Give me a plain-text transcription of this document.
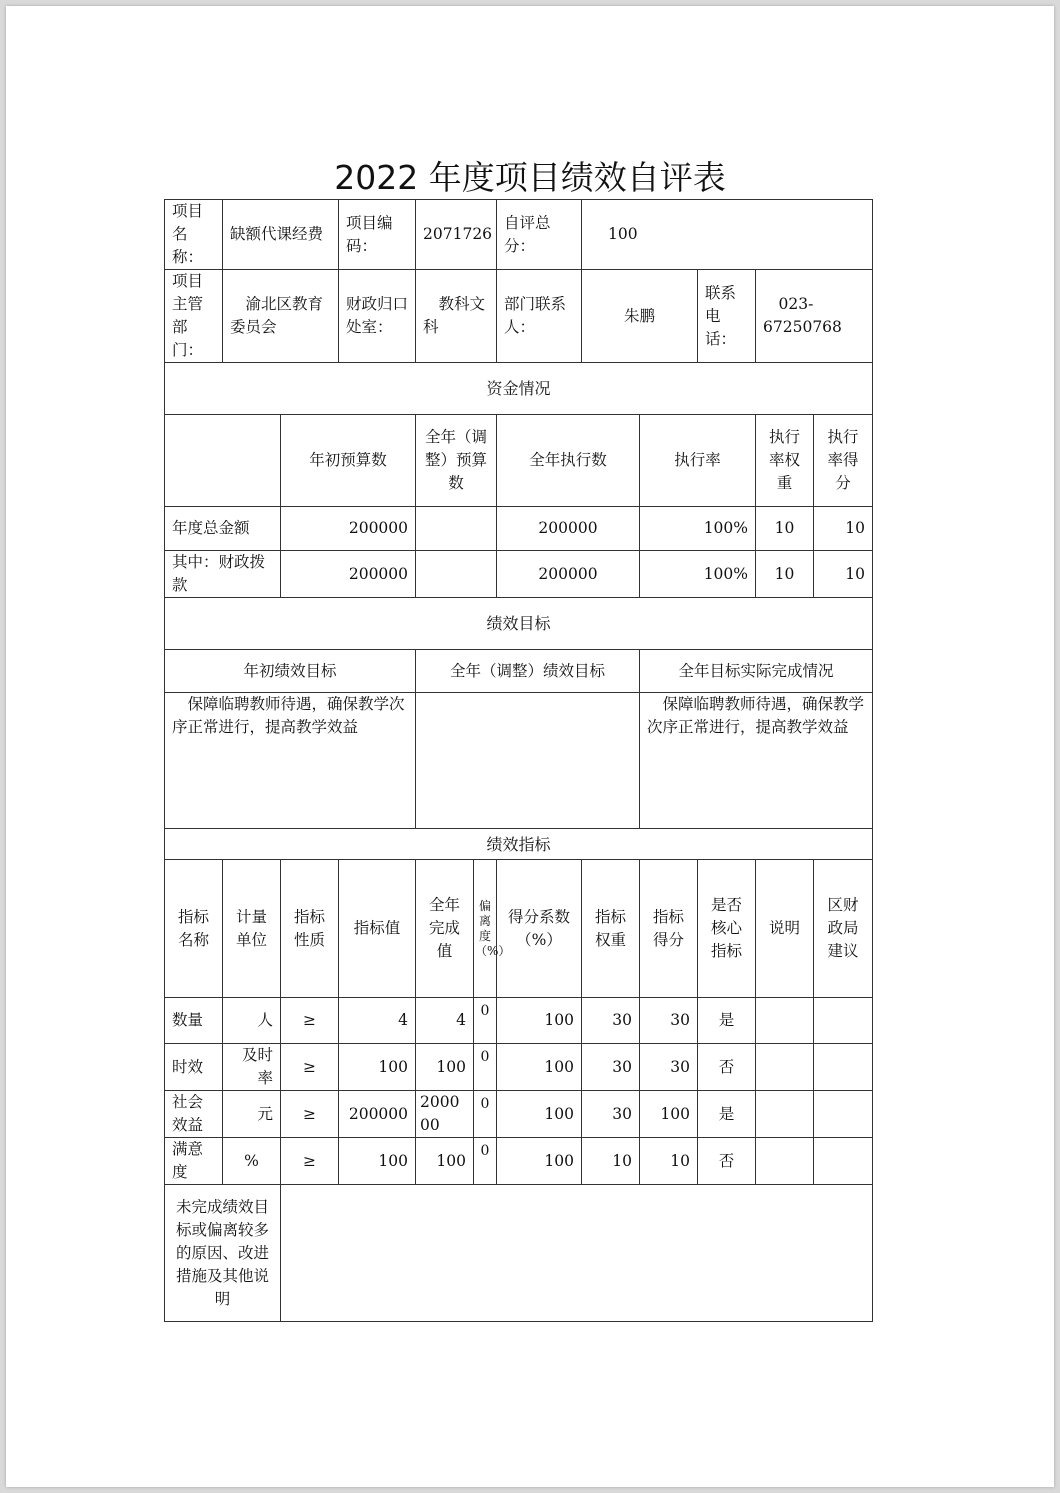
2022 年度项目绩效自评表
项目名称：	缺额代课经费		项目编码：	2071726		自评总分：	100				
项目主管部门：	渝北区教育委员会		财政归口处室：	教科文科		部门联系人：	朱鹏		联系电话：	023-67250768	
资金情况											
		年初预算数		全年（调整）预算数		全年执行数		执行率		执行率权重	执行率得分
年度总金额		200000				200000		100%		10	10
其中：财政拨款		200000				200000		100%		10	10
绩效目标											
年初绩效目标				全年（调整）绩效目标				全年目标实际完成情况			
保障临聘教师待遇，确保教学次序正常进行，提高教学效益								保障临聘教师待遇，确保教学次序正常进行，提高教学效益			
绩效指标											
指标名称	计量单位	指标性质	指标值	全年完成值	偏离度（%）	得分系数（%）	指标权重	指标得分	是否核心指标	说明	区财政局建议
数量	人	≥	4	4	0	100	30	30	是		
时效	及时率	≥	100	100	0	100	30	30	否		
社会效益	元	≥	200000	200000	0	100	30	100	是		
满意度	%	≥	100	100	0	100	10	10	否		
未完成绩效目标或偏离较多的原因、改进措施及其他说明											
